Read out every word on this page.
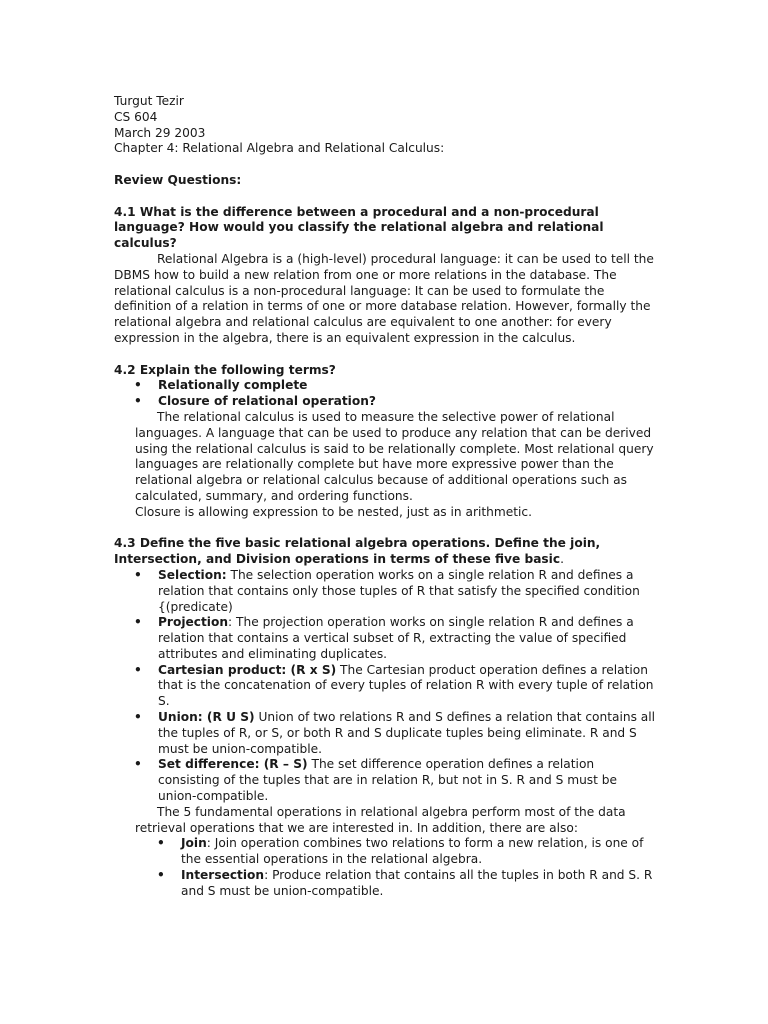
Turgut Tezir
CS 604
March 29 2003
Chapter 4: Relational Algebra and Relational Calculus:
Review Questions:

4.1 What is the difference between a procedural and a non-procedural language? How would you classify the relational algebra and relational calculus?

Relational Algebra is a (high-level) procedural language: it can be used to tell the DBMS how to build a new relation from one or more relations in the database. The relational calculus is a non-procedural language: It can be used to formulate the definition of a relation in terms of one or more database relation. However, formally the relational algebra and relational calculus are equivalent to one another: for every expression in the algebra, there is an equivalent expression in the calculus.

4.2 Explain the following terms?

• Relationally complete
• Closure of relational operation?

The relational calculus is used to measure the selective power of relational languages. A language that can be used to produce any relation that can be derived using the relational calculus is said to be relationally complete. Most relational query languages are relationally complete but have more expressive power than the relational algebra or relational calculus because of additional operations such as calculated, summary, and ordering functions.

Closure is allowing expression to be nested, just as in arithmetic.

4.3 Define the five basic relational algebra operations. Define the join, Intersection, and Division operations in terms of these five basic.

• Selection: The selection operation works on a single relation R and defines a relation that contains only those tuples of R that satisfy the specified condition {(predicate)
• Projection: The projection operation works on single relation R and defines a relation that contains a vertical subset of R, extracting the value of specified attributes and eliminating duplicates.
• Cartesian product: (R x S) The Cartesian product operation defines a relation that is the concatenation of every tuples of relation R with every tuple of relation S.
• Union: (R U S) Union of two relations R and S defines a relation that contains all the tuples of R, or S, or both R and S duplicate tuples being eliminate. R and S must be union-compatible.
• Set difference: (R – S) The set difference operation defines a relation consisting of the tuples that are in relation R, but not in S. R and S must be union-compatible.

The 5 fundamental operations in relational algebra perform most of the data retrieval operations that we are interested in. In addition, there are also:

• Join: Join operation combines two relations to form a new relation, is one of the essential operations in the relational algebra.
• Intersection: Produce relation that contains all the tuples in both R and S. R and S must be union-compatible.
